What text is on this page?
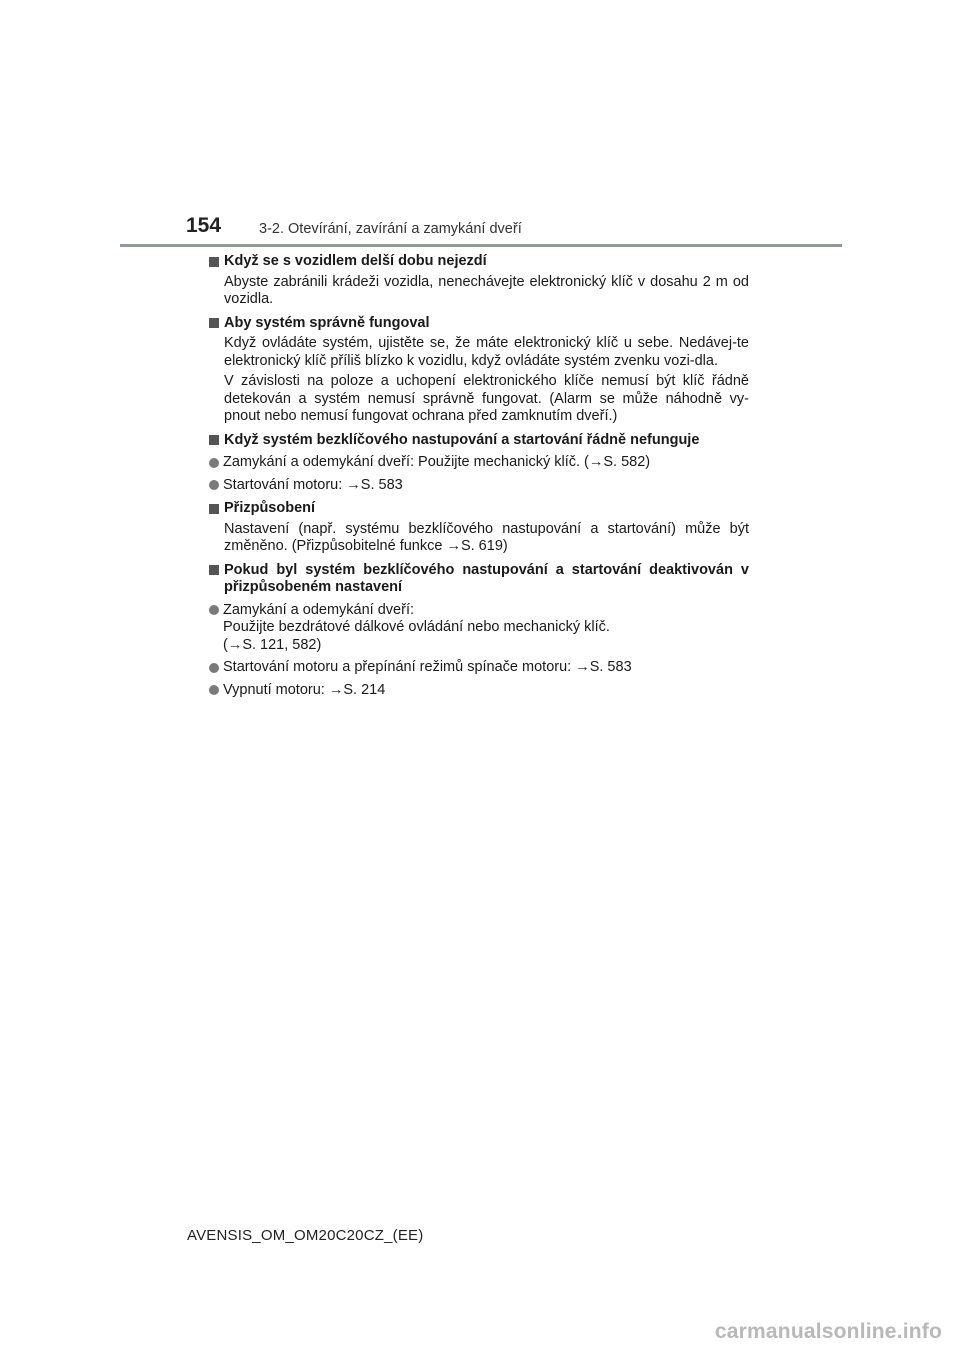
154	3-2. Otevírání, zavírání a zamykání dveří
Když se s vozidlem delší dobu nejezdí
Abyste zabránili krádeži vozidla, nenechávejte elektronický klíč v dosahu 2 m od vozidla.
Aby systém správně fungoval
Když ovládáte systém, ujistěte se, že máte elektronický klíč u sebe. Nedávej-te elektronický klíč příliš blízko k vozidlu, když ovládáte systém zvenku vozi-dla.
V závislosti na poloze a uchopení elektronického klíče nemusí být klíč řádně detekován a systém nemusí správně fungovat. (Alarm se může náhodně vy-pnout nebo nemusí fungovat ochrana před zamknutím dveří.)
Když systém bezklíčového nastupování a startování řádně nefunguje
Zamykání a odemykání dveří: Použijte mechanický klíč. (→S. 582)
Startování motoru: →S. 583
Přizpůsobení
Nastavení (např. systému bezklíčového nastupování a startování) může být změněno. (Přizpůsobitelné funkce →S. 619)
Pokud byl systém bezklíčového nastupování a startování deaktivován v přizpůsobeném nastavení
Zamykání a odemykání dveří:
Použijte bezdrátové dálkové ovládání nebo mechanický klíč.
(→S. 121, 582)
Startování motoru a přepínání režimů spínače motoru: →S. 583
Vypnutí motoru: →S. 214
AVENSIS_OM_OM20C20CZ_(EE)
carmanualsonline.info
